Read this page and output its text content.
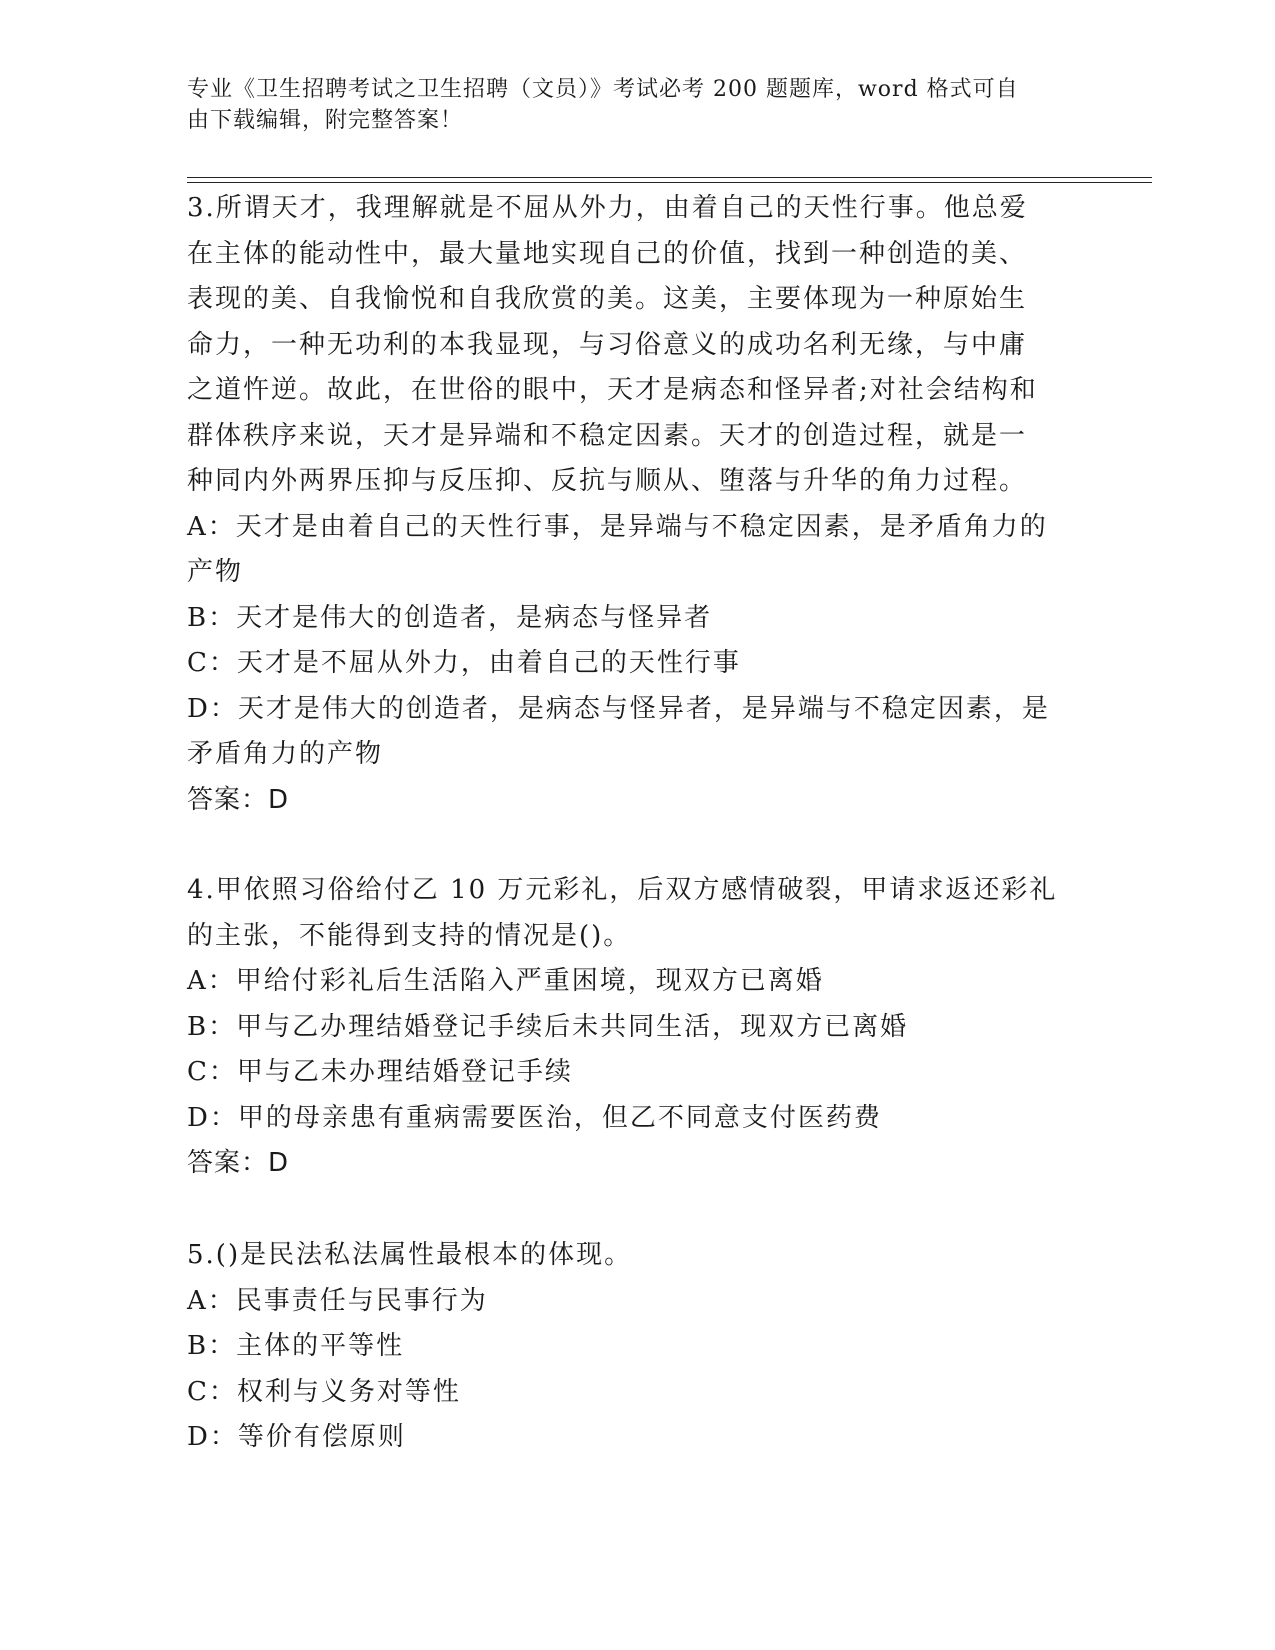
专业《卫生招聘考试之卫生招聘（文员）》考试必考 200 题题库，word 格式可自
由下载编辑，附完整答案！
3.所谓天才，我理解就是不屈从外力，由着自己的天性行事。他总爱
在主体的能动性中，最大量地实现自己的价值，找到一种创造的美、
表现的美、自我愉悦和自我欣赏的美。这美，主要体现为一种原始生
命力，一种无功利的本我显现，与习俗意义的成功名利无缘，与中庸
之道忤逆。故此，在世俗的眼中，天才是病态和怪异者;对社会结构和
群体秩序来说，天才是异端和不稳定因素。天才的创造过程，就是一
种同内外两界压抑与反压抑、反抗与顺从、堕落与升华的角力过程。
A：天才是由着自己的天性行事，是异端与不稳定因素，是矛盾角力的
产物
B：天才是伟大的创造者，是病态与怪异者
C：天才是不屈从外力，由着自己的天性行事
D：天才是伟大的创造者，是病态与怪异者，是异端与不稳定因素，是
矛盾角力的产物
答案：D
4.甲依照习俗给付乙 10 万元彩礼，后双方感情破裂，甲请求返还彩礼
的主张，不能得到支持的情况是()。
A：甲给付彩礼后生活陷入严重困境，现双方已离婚
B：甲与乙办理结婚登记手续后未共同生活，现双方已离婚
C：甲与乙未办理结婚登记手续
D：甲的母亲患有重病需要医治，但乙不同意支付医药费
答案：D
5.()是民法私法属性最根本的体现。
A：民事责任与民事行为
B：主体的平等性
C：权利与义务对等性
D：等价有偿原则
